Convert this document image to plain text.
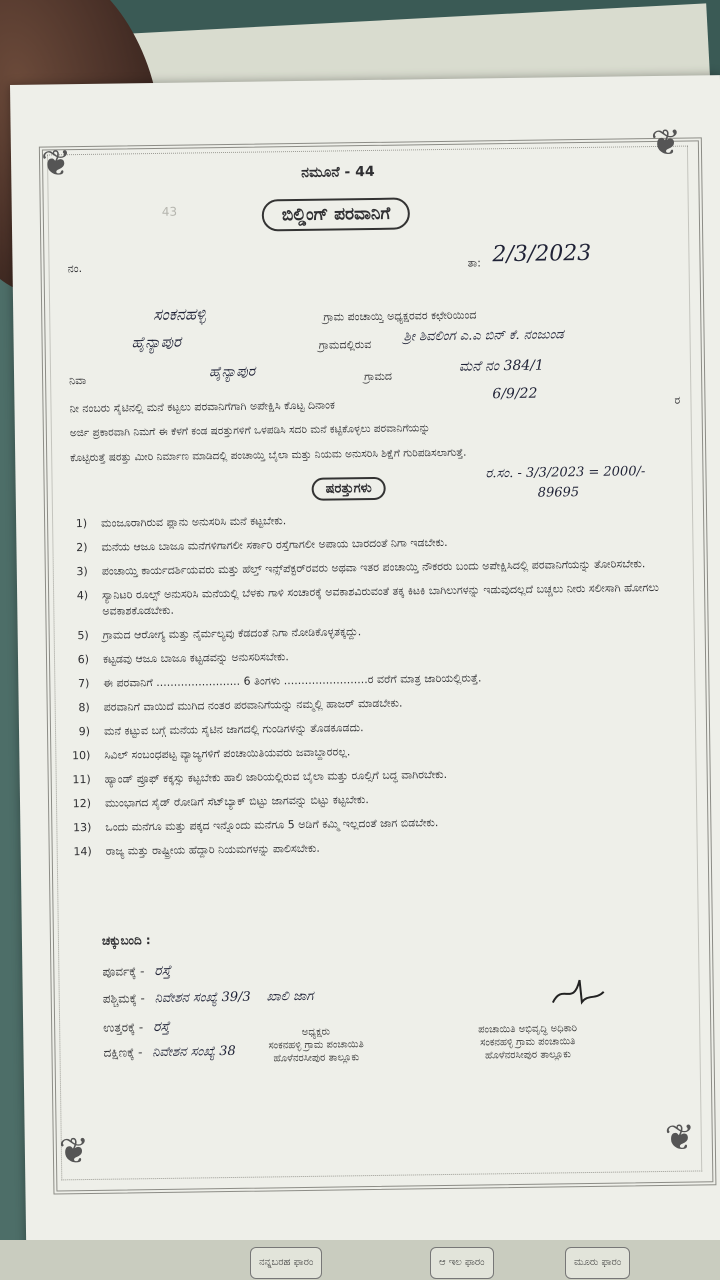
❦	❦
❦	❦
ನಮೂನೆ - 44
ಬಿಲ್ಡಿಂಗ್ ಪರವಾನಿಗೆ
43
ನಂ.	ತಾ: 2/3/2023
ಸಂಕನಹಳ್ಳಿ	ಗ್ರಾಮ ಪಂಚಾಯ್ತಿ ಅಧ್ಯಕ್ಷರವರ ಕಛೇರಿಯಿಂದ
ಹೈನ್ಯಾಪುರ	ಗ್ರಾಮದಲ್ಲಿರುವ
ಶ್ರೀ ಶಿವಲಿಂಗ ಎ.ಎ ಬಿನ್ ಕೆ. ನಂಜುಂಡ
ನಿವಾ
ಹೈನ್ಯಾಪುರ	ಗ್ರಾಮದ
ಮನೆ ನಂ 384/1
ನೀ ನಂಬರು ಸೈಟಿನಲ್ಲಿ ಮನೆ ಕಟ್ಟಲು ಪರವಾನಿಗೆಗಾಗಿ ಅಪೇಕ್ಷಿಸಿ ಕೊಟ್ಟ ದಿನಾಂಕ
6/9/22	ರ
ಅರ್ಜಿ ಪ್ರಕಾರವಾಗಿ ನಿಮಗೆ ಈ ಕೆಳಗೆ ಕಂಡ ಷರತ್ತುಗಳಿಗೆ ಒಳಪಡಿಸಿ ಸದರಿ ಮನೆ ಕಟ್ಟಿಕೊಳ್ಳಲು ಪರವಾನಿಗೆಯನ್ನು
ಕೊಟ್ಟಿರುತ್ತೆ ಷರತ್ತು ಮೀರಿ ನಿರ್ಮಾಣ ಮಾಡಿದಲ್ಲಿ ಪಂಚಾಯ್ತಿ ಬೈಲಾ ಮತ್ತು ನಿಯಮ ಅನುಸರಿಸಿ ಶಿಕ್ಷೆಗೆ ಗುರಿಪಡಿಸಲಾಗುತ್ತೆ.
ಷರತ್ತುಗಳು
ರ.ಸಂ. - 3/3/2023 = 2000/-
89695
1) ಮಂಜೂರಾಗಿರುವ ಪ್ಲಾನು ಅನುಸರಿಸಿ ಮನೆ ಕಟ್ಟಬೇಕು.
2) ಮನೆಯ ಆಜೂ ಬಾಜೂ ಮನೆಗಳಿಗಾಗಲೀ ಸರ್ಕಾರಿ ರಸ್ತೆಗಾಗಲೀ ಅಪಾಯ ಬಾರದಂತೆ ನಿಗಾ ಇಡಬೇಕು.
3) ಪಂಚಾಯ್ತಿ ಕಾರ್ಯದರ್ಶಿಯವರು ಮತ್ತು ಹೆಲ್ತ್ ಇನ್ಸ್‌ಪೆಕ್ಟರ್‌ರವರು ಅಥವಾ ಇತರ ಪಂಚಾಯ್ತಿ ನೌಕರರು ಬಂದು ಅಪೇಕ್ಷಿಸಿದಲ್ಲಿ ಪರವಾನಿಗೆಯನ್ನು ತೋರಿಸಬೇಕು.
4) ಸ್ಯಾನಿಟರಿ ರೂಲ್ಸ್ ಅನುಸರಿಸಿ ಮನೆಯಲ್ಲಿ ಬೆಳಕು ಗಾಳಿ ಸಂಚಾರಕ್ಕೆ ಅವಕಾಶವಿರುವಂತೆ ತಕ್ಕ ಕಿಟಕಿ ಬಾಗಿಲುಗಳನ್ನು ಇಡುವುದಲ್ಲದೆ ಬಚ್ಚಲು ನೀರು ಸಲೀಸಾಗಿ ಹೋಗಲು ಅವಕಾಶಕೊಡಬೇಕು.
5) ಗ್ರಾಮದ ಆರೋಗ್ಯ ಮತ್ತು ನೈರ್ಮಲ್ಯವು ಕೆಡದಂತೆ ನಿಗಾ ನೋಡಿಕೊಳ್ಳತಕ್ಕದ್ದು.
6) ಕಟ್ಟಡವು ಆಜೂ ಬಾಜೂ ಕಟ್ಟಡವನ್ನು ಅನುಸರಿಸಬೇಕು.
7) ಈ ಪರವಾನಿಗೆ ........................ 6 ತಿಂಗಳು ........................ರ ವರೆಗೆ ಮಾತ್ರ ಜಾರಿಯಲ್ಲಿರುತ್ತೆ.
8) ಪರವಾನಿಗೆ ವಾಯಿದೆ ಮುಗಿದ ನಂತರ ಪರವಾನಿಗೆಯನ್ನು ನಮ್ಮಲ್ಲಿ ಹಾಜರ್ ಮಾಡಬೇಕು.
9) ಮನೆ ಕಟ್ಟುವ ಬಗ್ಗೆ ಮನೆಯ ಸೈಟಿನ ಜಾಗದಲ್ಲಿ ಗುಂಡಿಗಳನ್ನು ತೊಡಕೂಡದು.
10) ಸಿವಿಲ್ ಸಂಬಂಧಪಟ್ಟ ವ್ಯಾಜ್ಯಗಳಿಗೆ ಪಂಚಾಯಿತಿಯವರು ಜವಾಬ್ದಾರರಲ್ಲ.
11) ಹ್ಯಾಂಡ್ ಪ್ರೂಫ್ ಕಕ್ಕಸ್ಸು ಕಟ್ಟಬೇಕು ಹಾಲಿ ಜಾರಿಯಲ್ಲಿರುವ ಬೈಲಾ ಮತ್ತು ರೂಲ್ಸಿಗೆ ಬದ್ಧ ವಾಗಿರಬೇಕು.
12) ಮುಂಭಾಗದ ಸೈಡ್ ರೋಡಿಗೆ ಸೆಟ್‌ಬ್ಯಾಕ್ ಬಿಟ್ಟು ಜಾಗವನ್ನು ಬಿಟ್ಟು ಕಟ್ಟಬೇಕು.
13) ಒಂದು ಮನೆಗೂ ಮತ್ತು ಪಕ್ಕದ ಇನ್ನೊಂದು ಮನೆಗೂ 5 ಅಡಿಗೆ ಕಮ್ಮಿ ಇಲ್ಲದಂತೆ ಜಾಗ ಬಿಡಬೇಕು.
14) ರಾಜ್ಯ ಮತ್ತು ರಾಷ್ಟ್ರೀಯ ಹೆದ್ದಾರಿ ನಿಯಮಗಳನ್ನು ಪಾಲಿಸಬೇಕು.
ಚಕ್ಕುಬಂದಿ :
ಪೂರ್ವಕ್ಕೆ - ರಸ್ತೆ
ಪಶ್ಚಿಮಕ್ಕೆ - ನಿವೇಶನ ಸಂಖ್ಯೆ 39/3 ಖಾಲಿ ಜಾಗ
ಉತ್ತರಕ್ಕೆ - ರಸ್ತೆ
ದಕ್ಷಿಣಕ್ಕೆ - ನಿವೇಶನ ಸಂಖ್ಯೆ 38
ಅಧ್ಯಕ್ಷರು
ಸಂಕನಹಳ್ಳಿ ಗ್ರಾಮ ಪಂಚಾಯಿತಿ
ಹೊಳೆನರಸೀಪುರ ತಾಲ್ಲೂಕು
ಪಂಚಾಯಿತಿ ಅಭಿವೃದ್ಧಿ ಅಧಿಕಾರಿ
ಸಂಕನಹಳ್ಳಿ ಗ್ರಾಮ ಪಂಚಾಯಿತಿ
ಹೊಳೆನರಸೀಪುರ ತಾಲ್ಲೂಕು
ನನ್ನಬರಹ ಫಾರಂ	ಆ ಇಲ ಫಾರಂ	ಮೂರು ಫಾರಂ
